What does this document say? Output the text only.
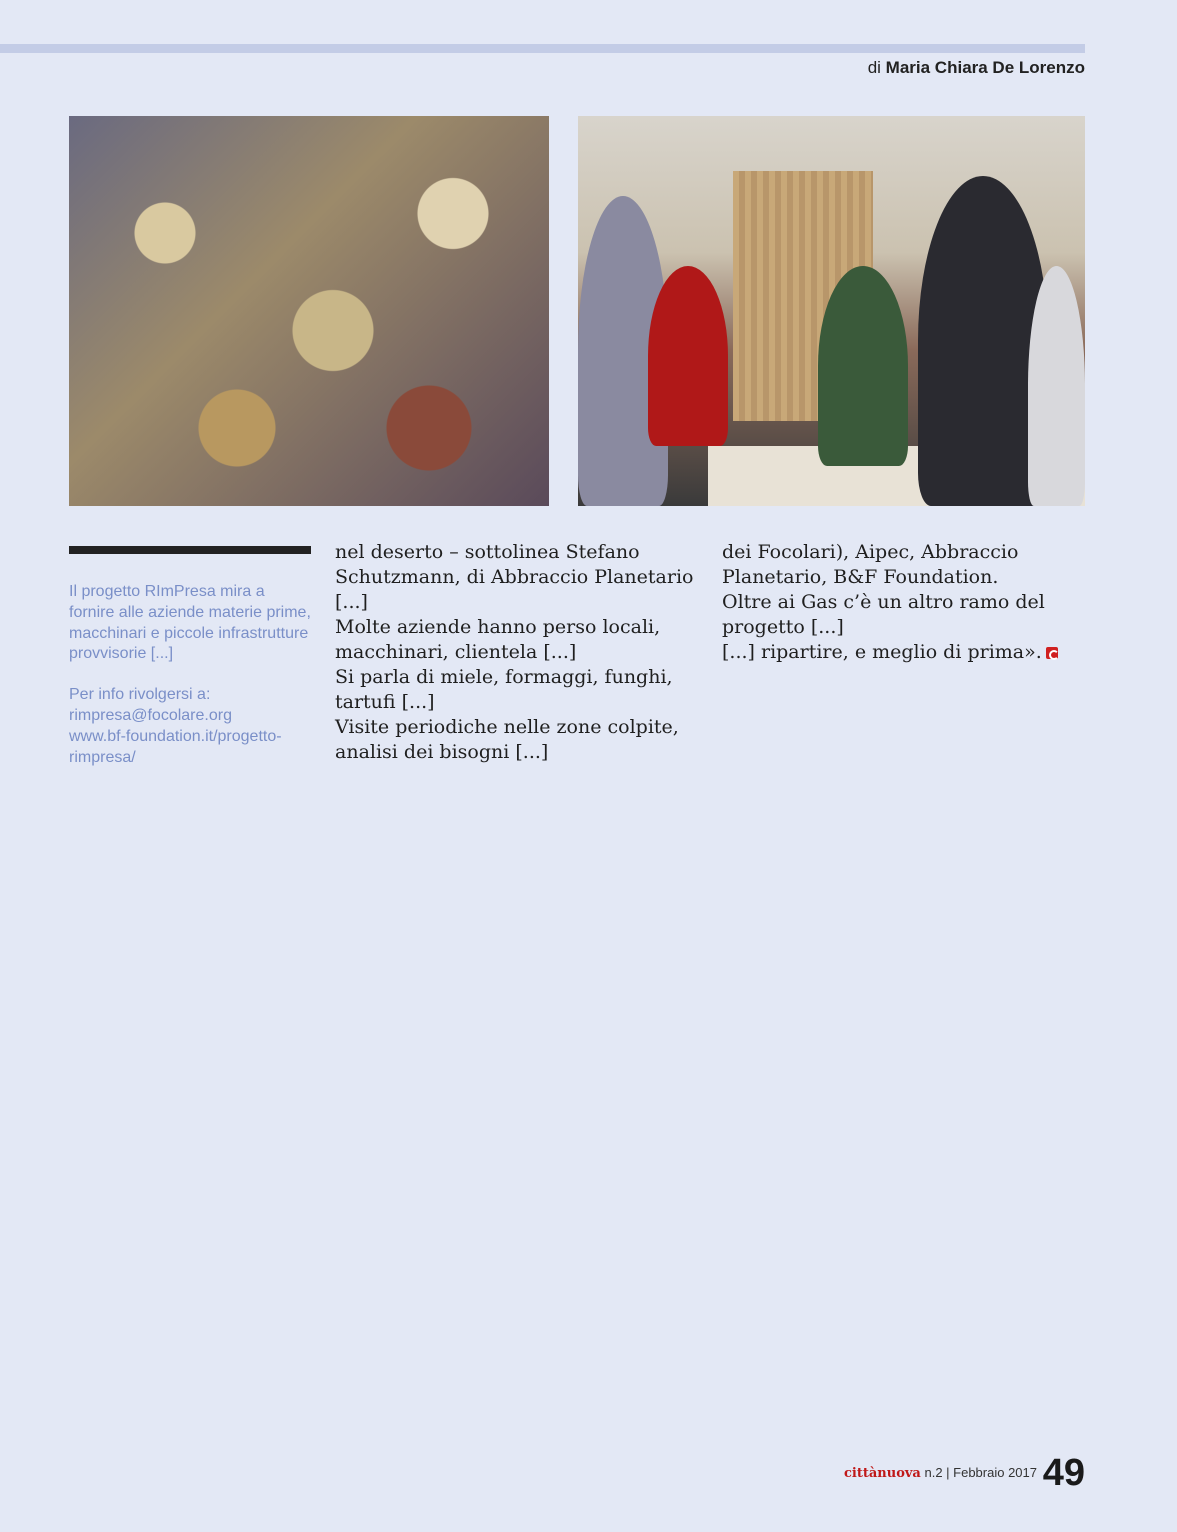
di Maria Chiara De Lorenzo

Il progetto RImPresa mira a fornire alle aziende materie prime, macchinari e piccole infrastrutture provvisorie [...]

Per info rivolgersi a:
rimpresa@focolare.org
www.bf-foundation.it/progetto-rimpresa/

nel deserto – sottolinea Stefano Schutzmann, di Abbraccio Planetario [...]

Molte aziende hanno perso locali, macchinari, clientela [...]

Si parla di miele, formaggi, funghi, tartufi [...]

Visite periodiche nelle zone colpite, analisi dei bisogni [...]

dei Focolari), Aipec, Abbraccio Planetario, B&F Foundation.

Oltre ai Gas c’è un altro ramo del progetto [...]

[...] ripartire, e meglio di prima».

cittànuova n.2 | Febbraio 2017 49
